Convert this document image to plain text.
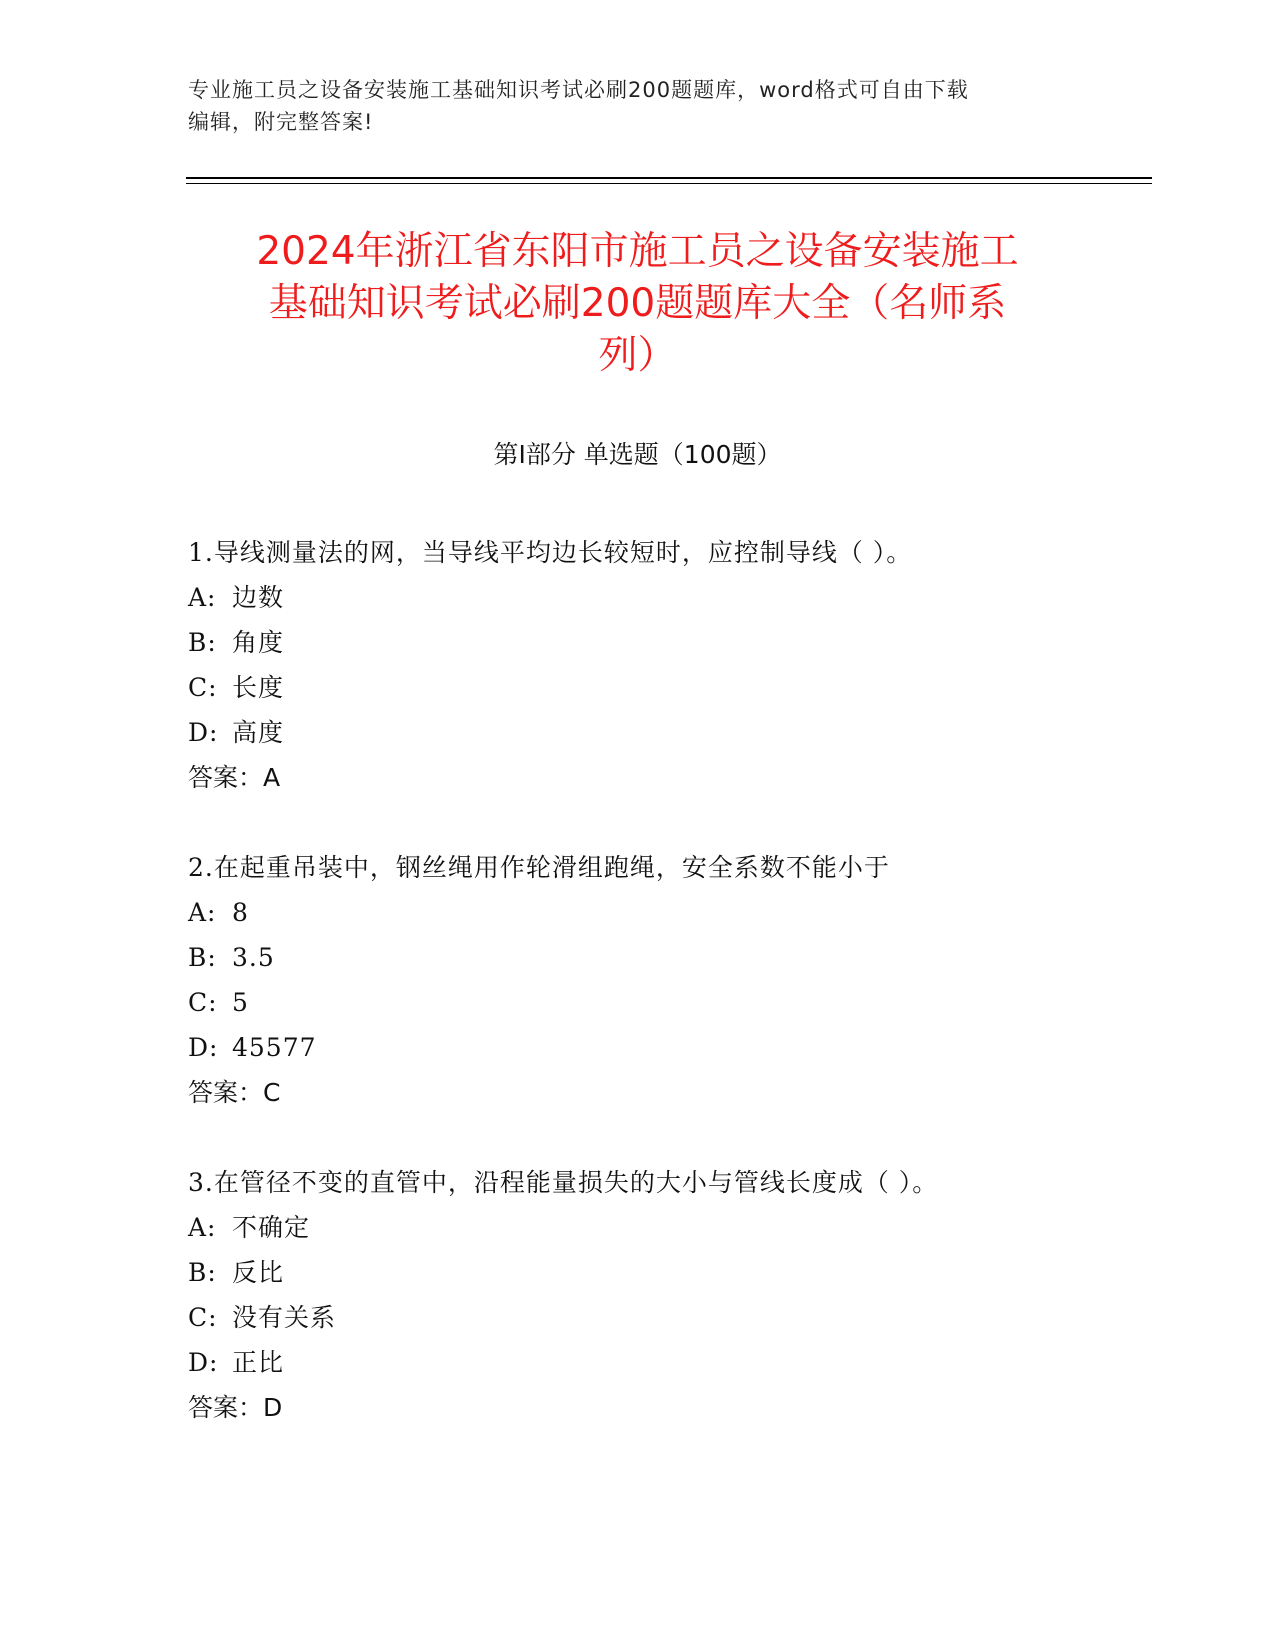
专业施工员之设备安装施工基础知识考试必刷200题题库，word格式可自由下载
编辑，附完整答案!
2024年浙江省东阳市施工员之设备安装施工
基础知识考试必刷200题题库大全（名师系
列）
第Ⅰ部分 单选题（100题）
1.导线测量法的网，当导线平均边长较短时，应控制导线（ ）。
A: 边数
B: 角度
C: 长度
D: 高度
答案：A
2.在起重吊装中，钢丝绳用作轮滑组跑绳，安全系数不能小于
A: 8
B: 3.5
C: 5
D: 45577
答案：C
3.在管径不变的直管中，沿程能量损失的大小与管线长度成（ ）。
A: 不确定
B: 反比
C: 没有关系
D: 正比
答案：D
